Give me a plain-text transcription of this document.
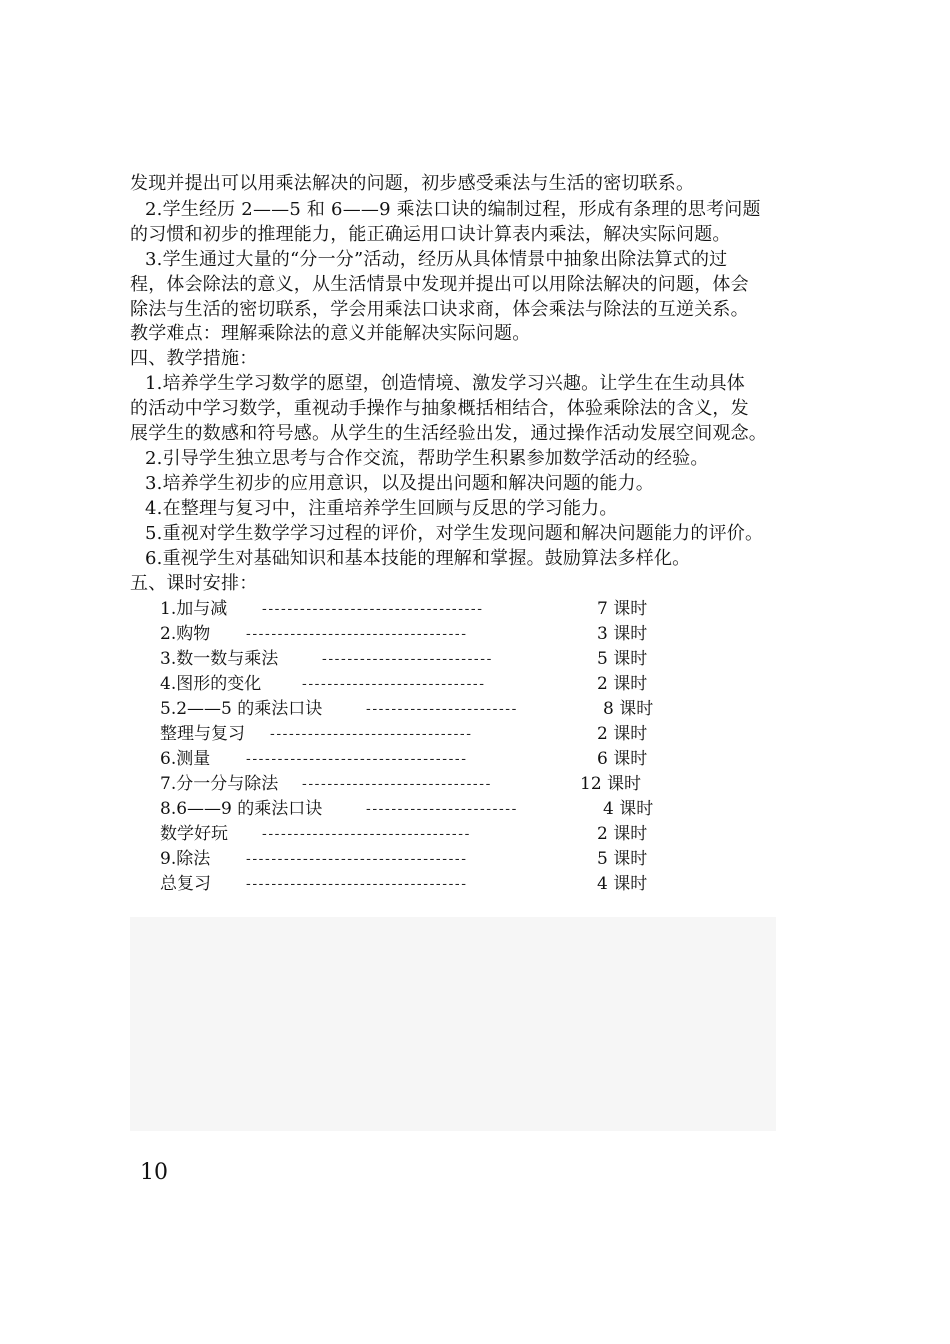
发现并提出可以用乘法解决的问题，初步感受乘法与生活的密切联系。
2.学生经历 2——5 和 6——9 乘法口诀的编制过程，形成有条理的思考问题
的习惯和初步的推理能力，能正确运用口诀计算表内乘法，解决实际问题。
3.学生通过大量的“分一分”活动，经历从具体情景中抽象出除法算式的过
程，体会除法的意义，从生活情景中发现并提出可以用除法解决的问题，体会
除法与生活的密切联系，学会用乘法口诀求商，体会乘法与除法的互逆关系。
教学难点：理解乘除法的意义并能解决实际问题。
四、教学措施：
1.培养学生学习数学的愿望，创造情境、激发学习兴趣。让学生在生动具体
的活动中学习数学，重视动手操作与抽象概括相结合，体验乘除法的含义，发
展学生的数感和符号感。从学生的生活经验出发，通过操作活动发展空间观念。
2.引导学生独立思考与合作交流，帮助学生积累参加数学活动的经验。
3.培养学生初步的应用意识，以及提出问题和解决问题的能力。
4.在整理与复习中，注重培养学生回顾与反思的学习能力。
5.重视对学生数学学习过程的评价，对学生发现问题和解决问题能力的评价。
6.重视学生对基础知识和基本技能的理解和掌握。鼓励算法多样化。
五、课时安排：
1.加与减 -----------------------------------	7 课时
2.购物	-----------------------------------	3 课时
3.数一数与乘法	---------------------------	5 课时
4.图形的变化	-----------------------------	2 课时
5.2——5 的乘法口诀	------------------------	8 课时
整理与复习 --------------------------------	2 课时
6.测量	-----------------------------------	6 课时
7.分一分与除法 ------------------------------	12 课时
8.6——9 的乘法口诀	------------------------	4 课时
数学好玩 ---------------------------------	2 课时
9.除法	-----------------------------------	5 课时
总复习	-----------------------------------	4 课时
10
